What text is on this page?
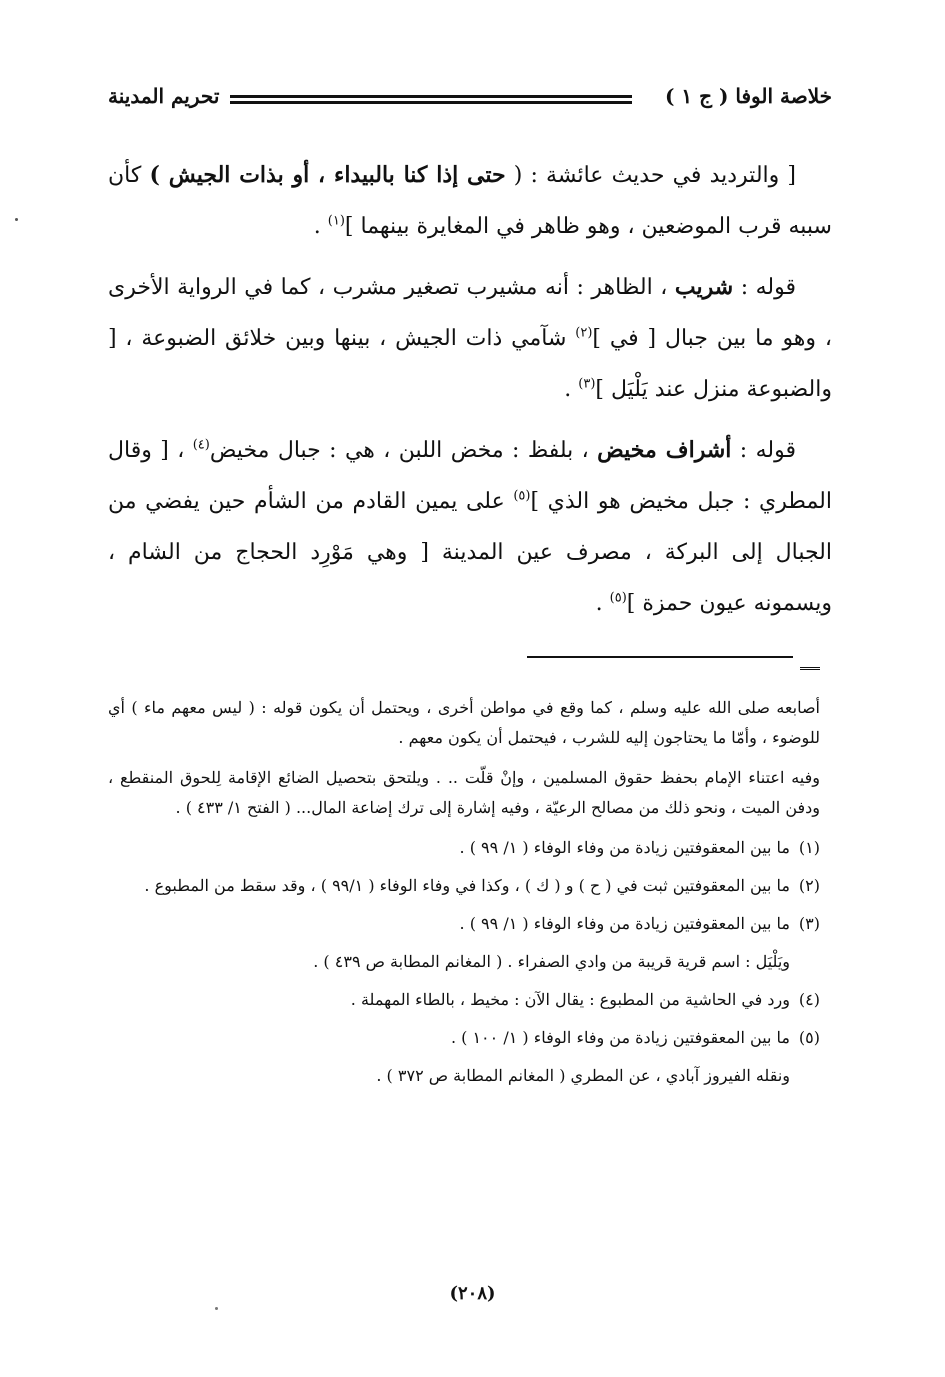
خلاصة الوفا ( ج ١ )
تحريم المدينة

[ والترديد في حديث عائشة : ( حتى إذا كنا بالبيداء ، أو بذات الجيش ) كأن سببه قرب الموضعين ، وهو ظاهر في المغايرة بينهما ]$^{(١)}$ .

قوله : شريب ، الظاهر : أنه مشيرب تصغير مشرب ، كما في الرواية الأخرى ، وهو ما بين جبال [ في ]$^{(٢)}$ شآمي ذات الجيش ، بينها وبين خلائق الضبوعة ، [ والضبوعة منزل عند يَلْيَل ]$^{(٣)}$ .

قوله : أشراف مخيض ، بلفظ : مخض اللبن ، هي : جبال مخيض$^{(٤)}$ ، [ وقال المطري : جبل مخيض هو الذي ]$^{(٥)}$ على يمين القادم من الشأم حين يفضي من الجبال إلى البركة ، مصرف عين المدينة [ وهي مَوْرِد الحجاج من الشام ، ويسمونه عيون حمزة ]$^{(٥)}$ .

أصابعه صلى الله عليه وسلم ، كما وقع في مواطن أخرى ، ويحتمل أن يكون قوله : ( ليس معهم ماء ) أي للوضوء ، وأمّا ما يحتاجون إليه للشرب ، فيحتمل أن يكون معهم .

وفيه اعتناء الإمام بحفظ حقوق المسلمين ، وإنْ قلّت .. . ويلتحق بتحصيل الضائع الإقامة لِلحوق المنقطع ، ودفن الميت ، ونحو ذلك من مصالح الرعيّة ، وفيه إشارة إلى ترك إضاعة المال... ( الفتح ١/ ٤٣٣ ) .

(١)
ما بين المعقوفتين زيادة من وفاء الوفاء ( ١/ ٩٩ ) .
(٢)
ما بين المعقوفتين ثبت في ( ح ) و ( ك ) ، وكذا في وفاء الوفاء ( ٩٩/١ ) ، وقد سقط من المطبوع .
(٣)
ما بين المعقوفتين زيادة من وفاء الوفاء ( ١/ ٩٩ ) .
ويَلْيَل : اسم قرية قريبة من وادي الصفراء . ( المغانم المطابة ص ٤٣٩ ) .
(٤)
ورد في الحاشية من المطبوع : يقال الآن : مخيط ، بالطاء المهملة .
(٥)
ما بين المعقوفتين زيادة من وفاء الوفاء ( ١/ ١٠٠ ) .
ونقله الفيروز آبادي ، عن المطري ( المغانم المطابة ص ٣٧٢ ) .
(٢٠٨)
